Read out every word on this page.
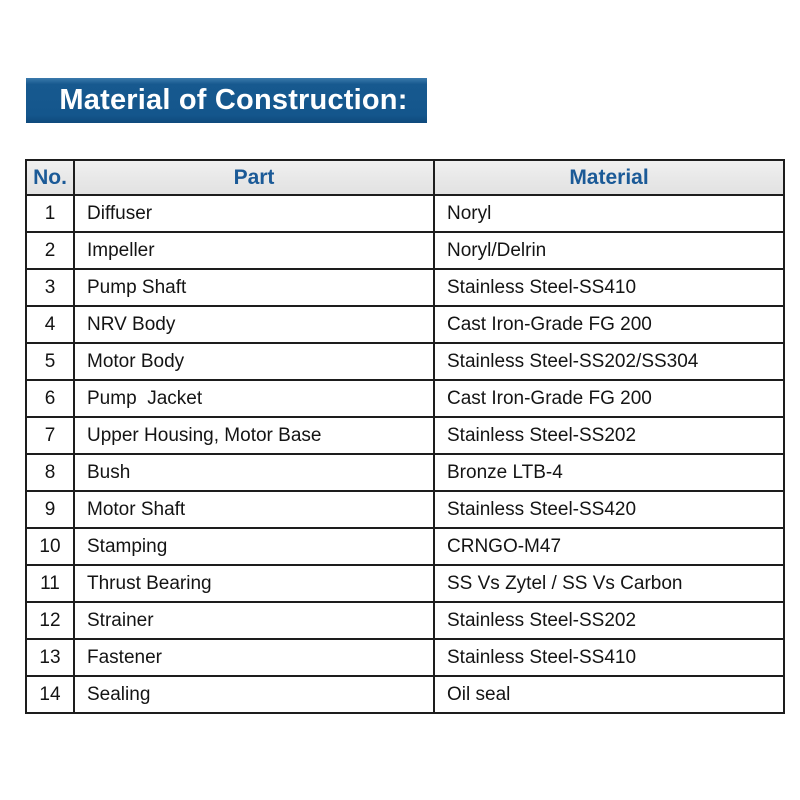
Material of Construction:
No.	Part	Material
1	Diffuser	Noryl
2	Impeller	Noryl/Delrin
3	Pump Shaft	Stainless Steel-SS410
4	NRV Body	Cast Iron-Grade FG 200
5	Motor Body	Stainless Steel-SS202/SS304
6	Pump  Jacket	Cast Iron-Grade FG 200
7	Upper Housing, Motor Base	Stainless Steel-SS202
8	Bush	Bronze LTB-4
9	Motor Shaft	Stainless Steel-SS420
10	Stamping	CRNGO-M47
11	Thrust Bearing	SS Vs Zytel / SS Vs Carbon
12	Strainer	Stainless Steel-SS202
13	Fastener	Stainless Steel-SS410
14	Sealing	Oil seal
